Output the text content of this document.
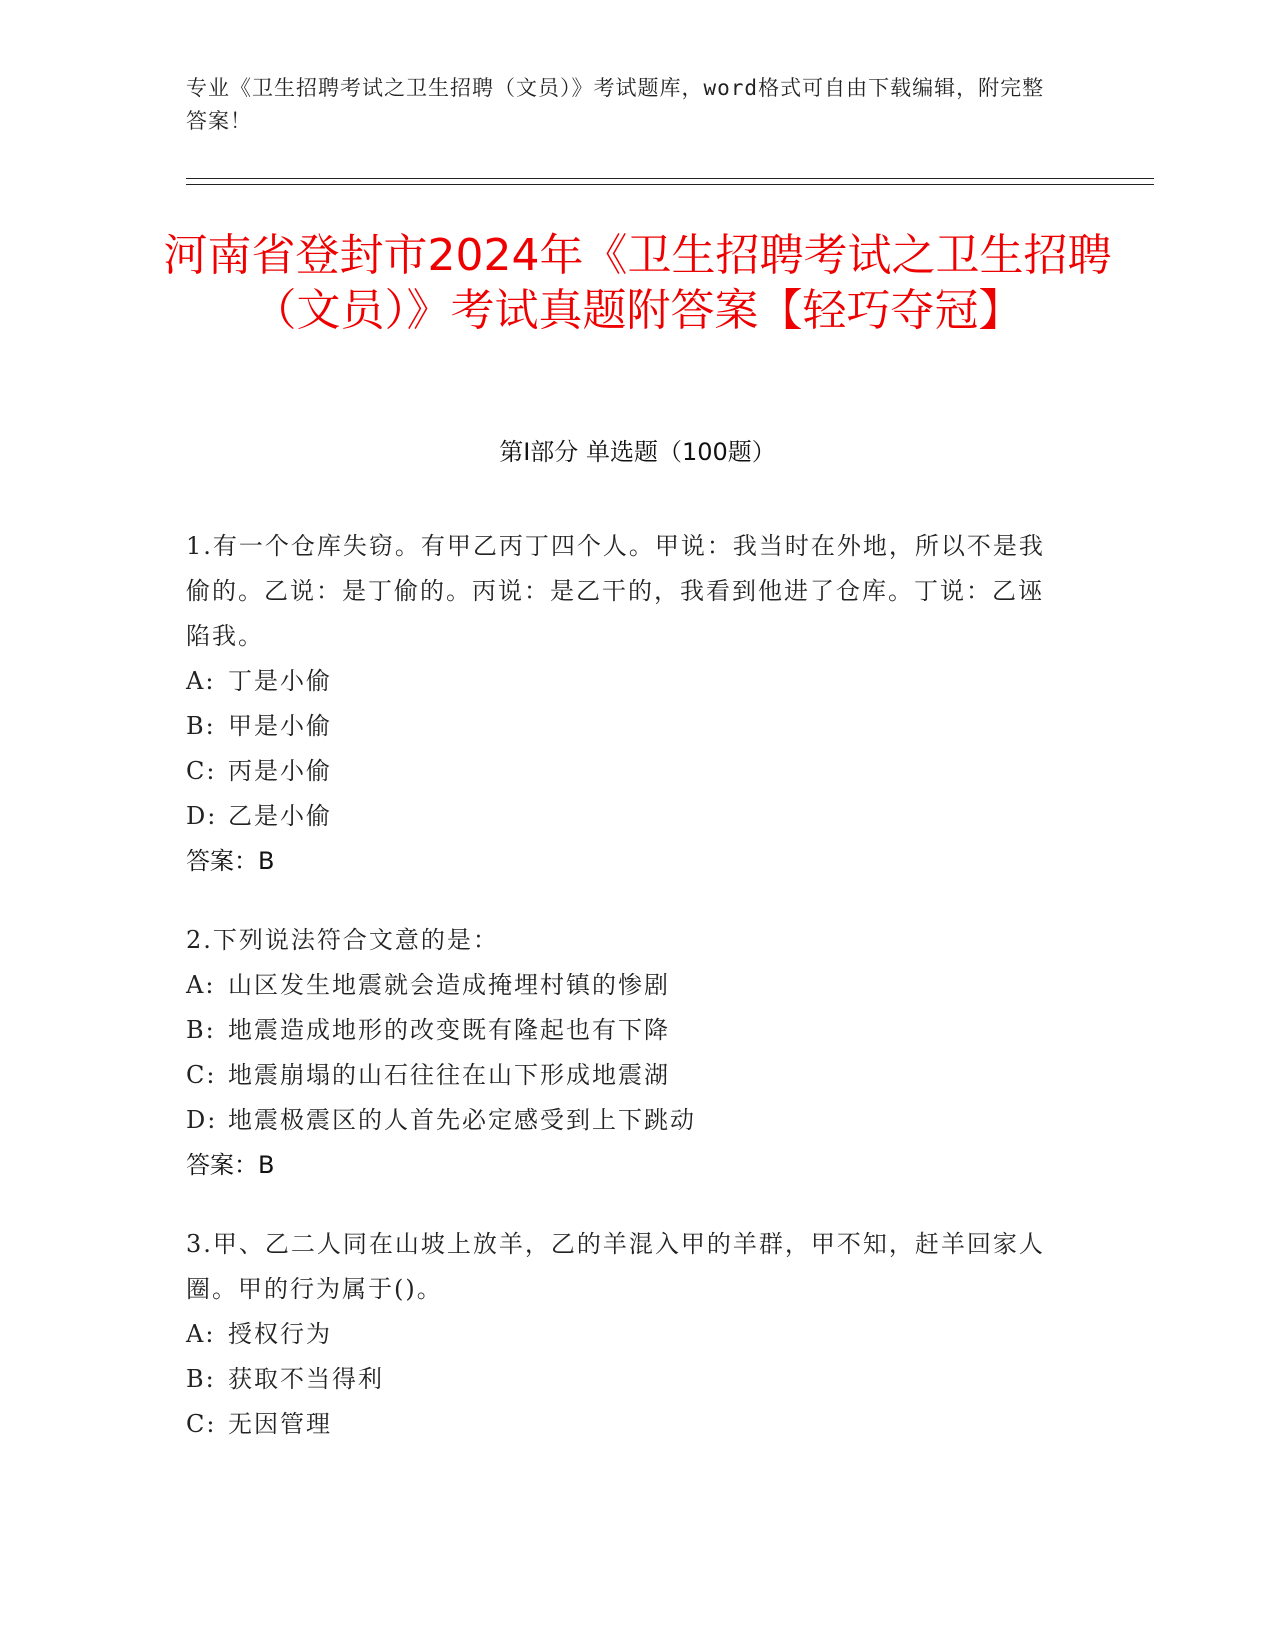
专业《卫生招聘考试之卫生招聘（文员）》考试题库，word格式可自由下载编辑，附完整答案！
河南省登封市2024年《卫生招聘考试之卫生招聘（文员）》考试真题附答案【轻巧夺冠】
第I部分 单选题（100题）
1.有一个仓库失窃。有甲乙丙丁四个人。甲说：我当时在外地，所以不是我偷的。乙说：是丁偷的。丙说：是乙干的，我看到他进了仓库。丁说：乙诬陷我。
A: 丁是小偷
B: 甲是小偷
C: 丙是小偷
D: 乙是小偷
答案：B
2.下列说法符合文意的是：
A: 山区发生地震就会造成掩埋村镇的惨剧
B: 地震造成地形的改变既有隆起也有下降
C: 地震崩塌的山石往往在山下形成地震湖
D: 地震极震区的人首先必定感受到上下跳动
答案：B
3.甲、乙二人同在山坡上放羊，乙的羊混入甲的羊群，甲不知，赶羊回家人圈。甲的行为属于()。
A: 授权行为
B: 获取不当得利
C: 无因管理
